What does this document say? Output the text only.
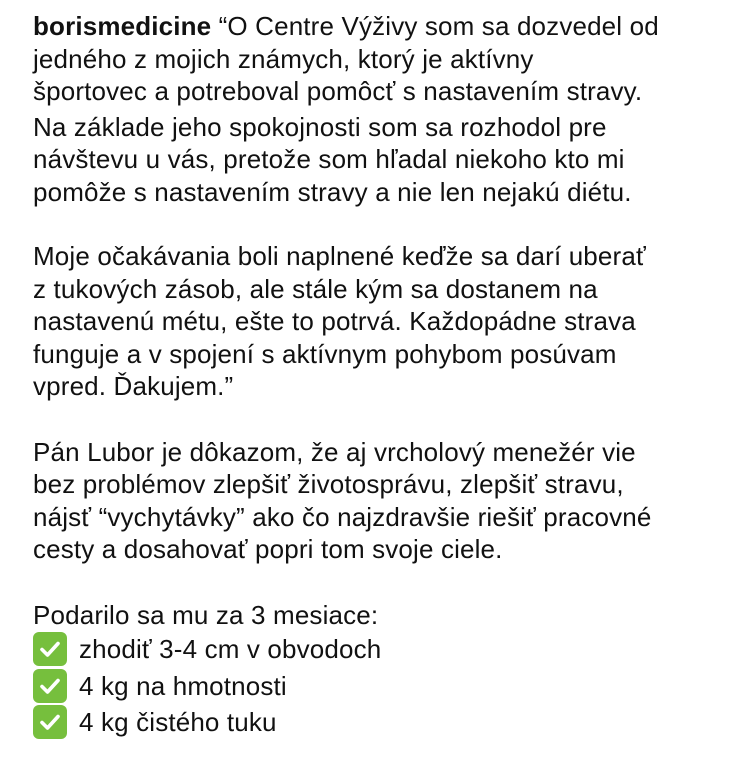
borismedicine “O Centre Výživy som sa dozvedel od
jedného z mojich známych, ktorý je aktívny
športovec a potreboval pomôcť s nastavením stravy.
Na základe jeho spokojnosti som sa rozhodol pre
návštevu u vás, pretože som hľadal niekoho kto mi
pomôže s nastavením stravy a nie len nejakú diétu.
Moje očakávania boli naplnené keďže sa darí uberať
z tukových zásob, ale stále kým sa dostanem na
nastavenú métu, ešte to potrvá. Každopádne strava
funguje a v spojení s aktívnym pohybom posúvam
vpred. Ďakujem.”
Pán Lubor je dôkazom, že aj vrcholový menežér vie
bez problémov zlepšiť životosprávu, zlepšiť stravu,
nájsť “vychytávky” ako čo najzdravšie riešiť pracovné
cesty a dosahovať popri tom svoje ciele.
Podarilo sa mu za 3 mesiace:
zhodiť 3-4 cm v obvodoch
4 kg na hmotnosti
4 kg čistého tuku
